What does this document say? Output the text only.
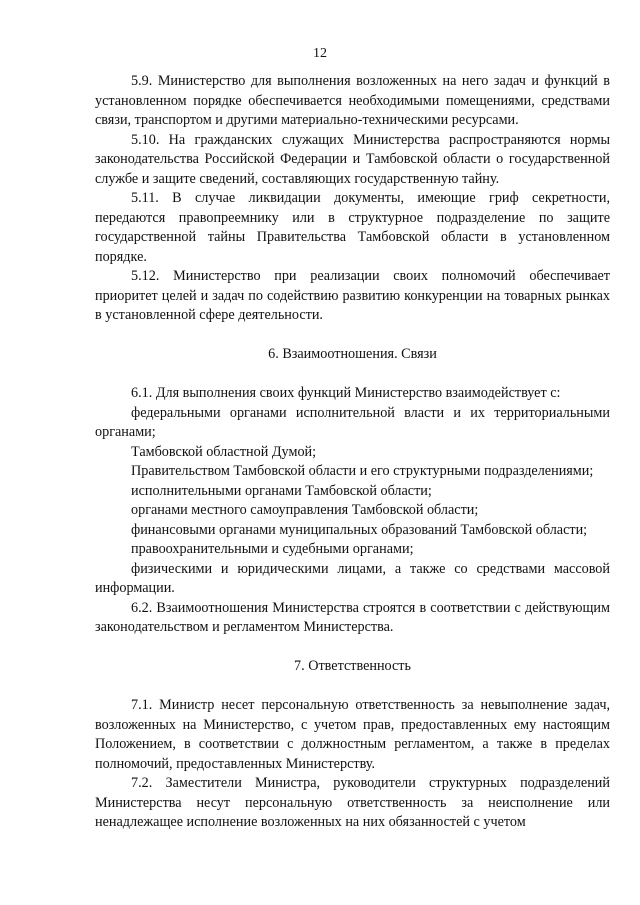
12

5.9. Министерство для выполнения возложенных на него задач и функций в установленном порядке обеспечивается необходимыми помещениями, средствами связи, транспортом и другими материально-техническими ресурсами.

5.10. На гражданских служащих Министерства распространяются нормы законодательства Российской Федерации и Тамбовской области о государственной службе и защите сведений, составляющих государственную тайну.

5.11. В случае ликвидации документы, имеющие гриф секретности, передаются правопреемнику или в структурное подразделение по защите государственной тайны Правительства Тамбовской области в установленном порядке.

5.12. Министерство при реализации своих полномочий обеспечивает приоритет целей и задач по содействию развитию конкуренции на товарных рынках в установленной сфере деятельности.

6. Взаимоотношения. Связи

6.1. Для выполнения своих функций Министерство взаимодействует с:

федеральными органами исполнительной власти и их территориальными органами;

Тамбовской областной Думой;

Правительством Тамбовской области и его структурными подразделениями;

исполнительными органами Тамбовской области;

органами местного самоуправления Тамбовской области;

финансовыми органами муниципальных образований Тамбовской области;

правоохранительными и судебными органами;

физическими и юридическими лицами, а также со средствами массовой информации.

6.2. Взаимоотношения Министерства строятся в соответствии с действующим законодательством и регламентом Министерства.

7. Ответственность

7.1. Министр несет персональную ответственность за невыполнение задач, возложенных на Министерство, с учетом прав, предоставленных ему настоящим Положением, в соответствии с должностным регламентом, а также в пределах полномочий, предоставленных Министерству.

7.2. Заместители Министра, руководители структурных подразделений Министерства несут персональную ответственность за неисполнение или ненадлежащее исполнение возложенных на них обязанностей с учетом
